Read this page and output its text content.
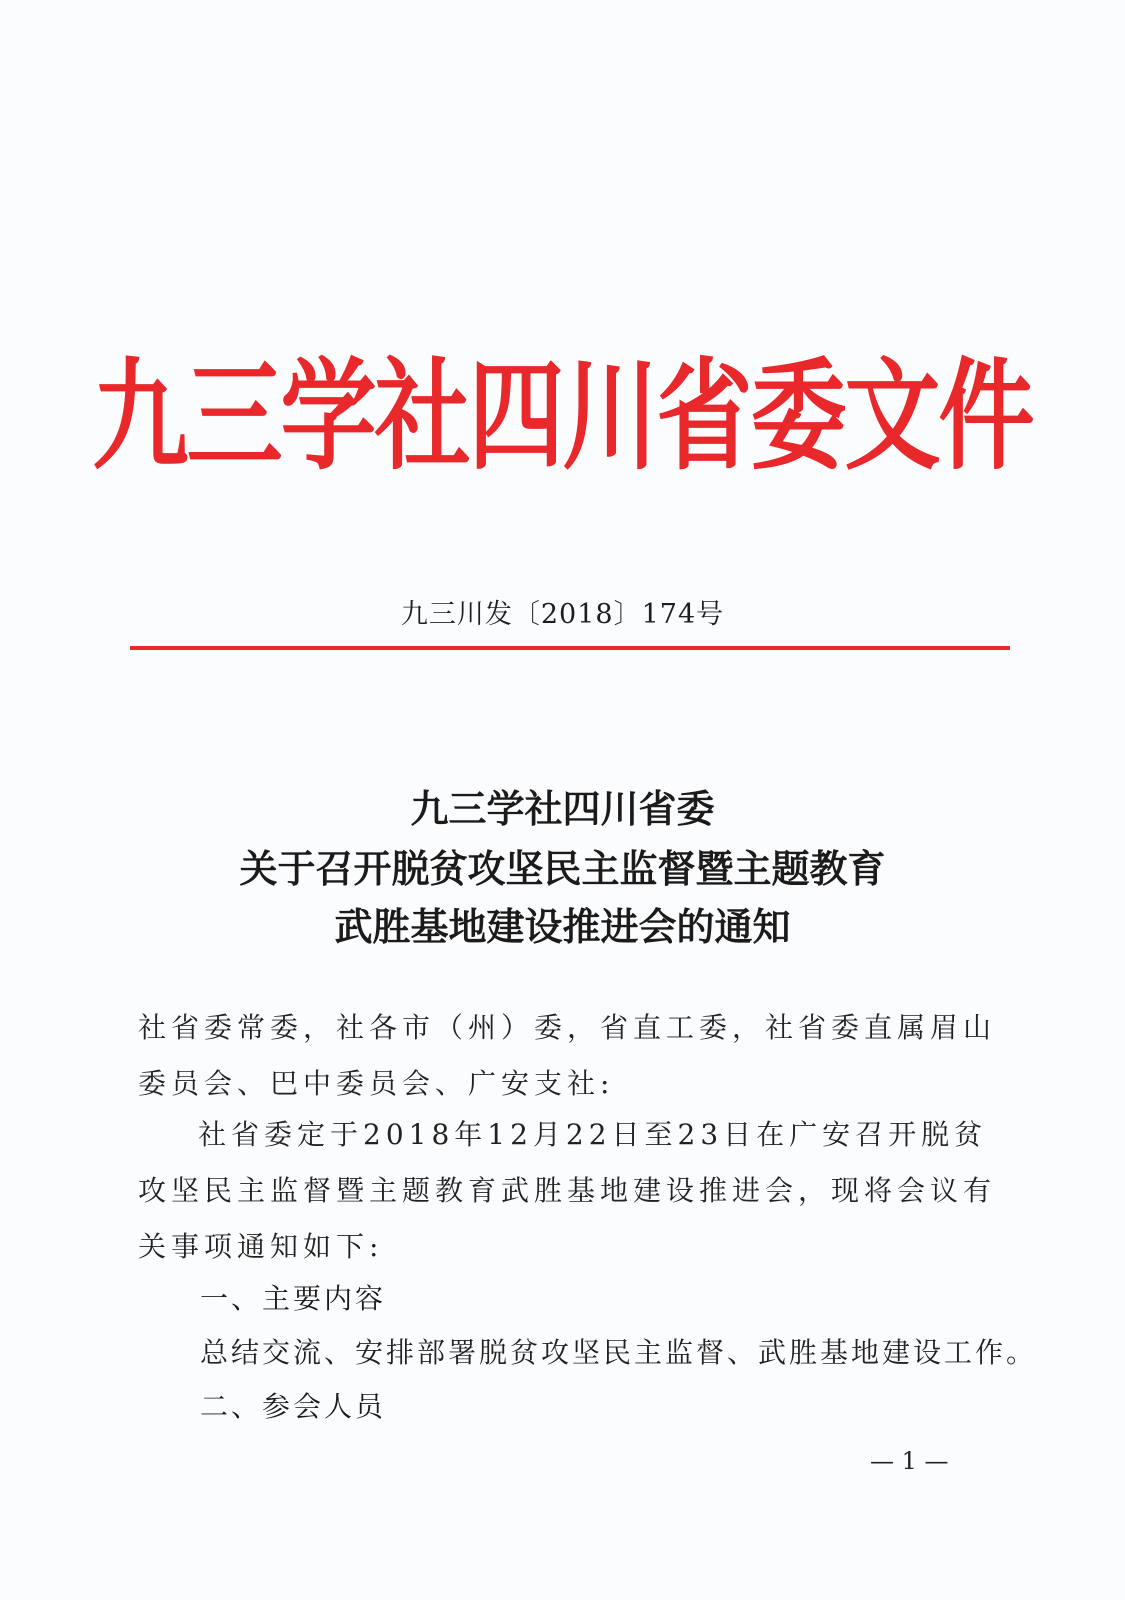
九三学社四川省委文件
九三川发〔2018〕174号
九三学社四川省委
关于召开脱贫攻坚民主监督暨主题教育
武胜基地建设推进会的通知
社省委常委，社各市（州）委，省直工委，社省委直属眉山委员会、巴中委员会、广安支社:
社省委定于2018年12月22日至23日在广安召开脱贫攻坚民主监督暨主题教育武胜基地建设推进会，现将会议有关事项通知如下:
一、主要内容
总结交流、安排部署脱贫攻坚民主监督、武胜基地建设工作。
二、参会人员
— 1 —
